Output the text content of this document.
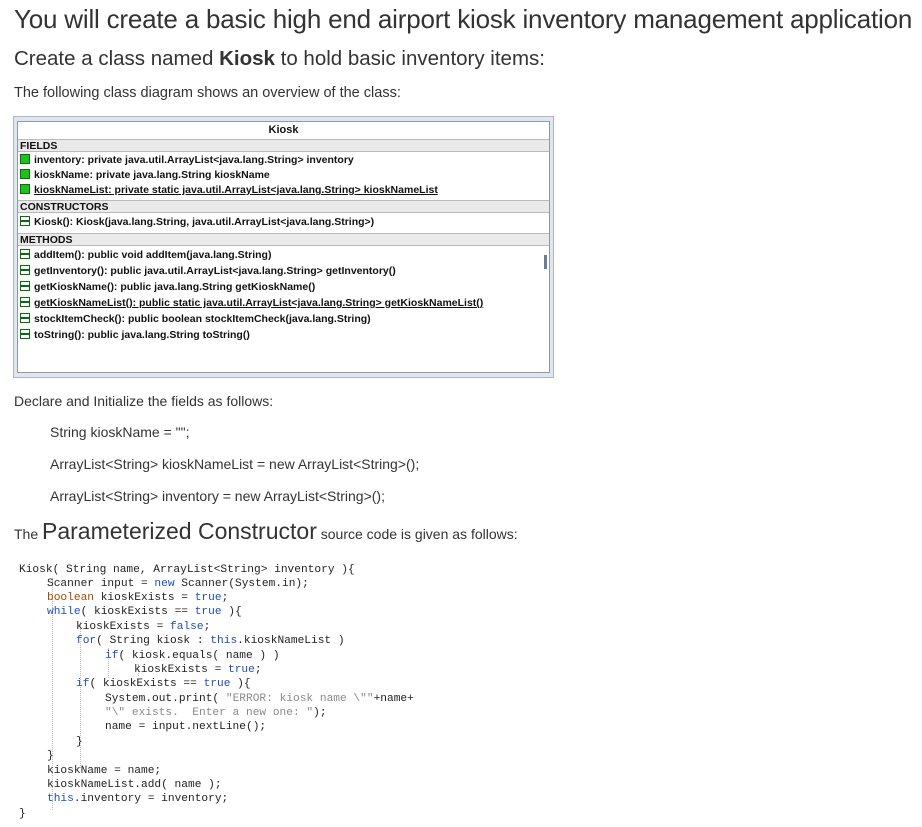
You will create a basic high end airport kiosk inventory management application
Create a class named Kiosk to hold basic inventory items:
The following class diagram shows an overview of the class:
Kiosk
FIELDS
inventory: private java.util.ArrayList<java.lang.String> inventory
kioskName: private java.lang.String kioskName
kioskNameList: private static java.util.ArrayList<java.lang.String> kioskNameList
CONSTRUCTORS
Kiosk(): Kiosk(java.lang.String, java.util.ArrayList<java.lang.String>)
METHODS
addItem(): public void addItem(java.lang.String)
getInventory(): public java.util.ArrayList<java.lang.String> getInventory()
getKioskName(): public java.lang.String getKioskName()
getKioskNameList(): public static java.util.ArrayList<java.lang.String> getKioskNameList()
stockItemCheck(): public boolean stockItemCheck(java.lang.String)
toString(): public java.lang.String toString()
Declare and Initialize the fields as follows:
String kioskName = "";
ArrayList<String> kioskNameList = new ArrayList<String>();
ArrayList<String> inventory = new ArrayList<String>();
The Parameterized Constructor source code is given as follows:
Kiosk( String name, ArrayList<String> inventory ){
Scanner input = new Scanner(System.in);
boolean kioskExists = true;
while( kioskExists == true ){
kioskExists = false;
for( String kiosk : this.kioskNameList )
if( kiosk.equals( name ) )
kioskExists = true;
if( kioskExists == true ){
System.out.print( "ERROR: kiosk name \""+name+
"\" exists.  Enter a new one: ");
name = input.nextLine();
}
}
kioskName = name;
kioskNameList.add( name );
this.inventory = inventory;
}
